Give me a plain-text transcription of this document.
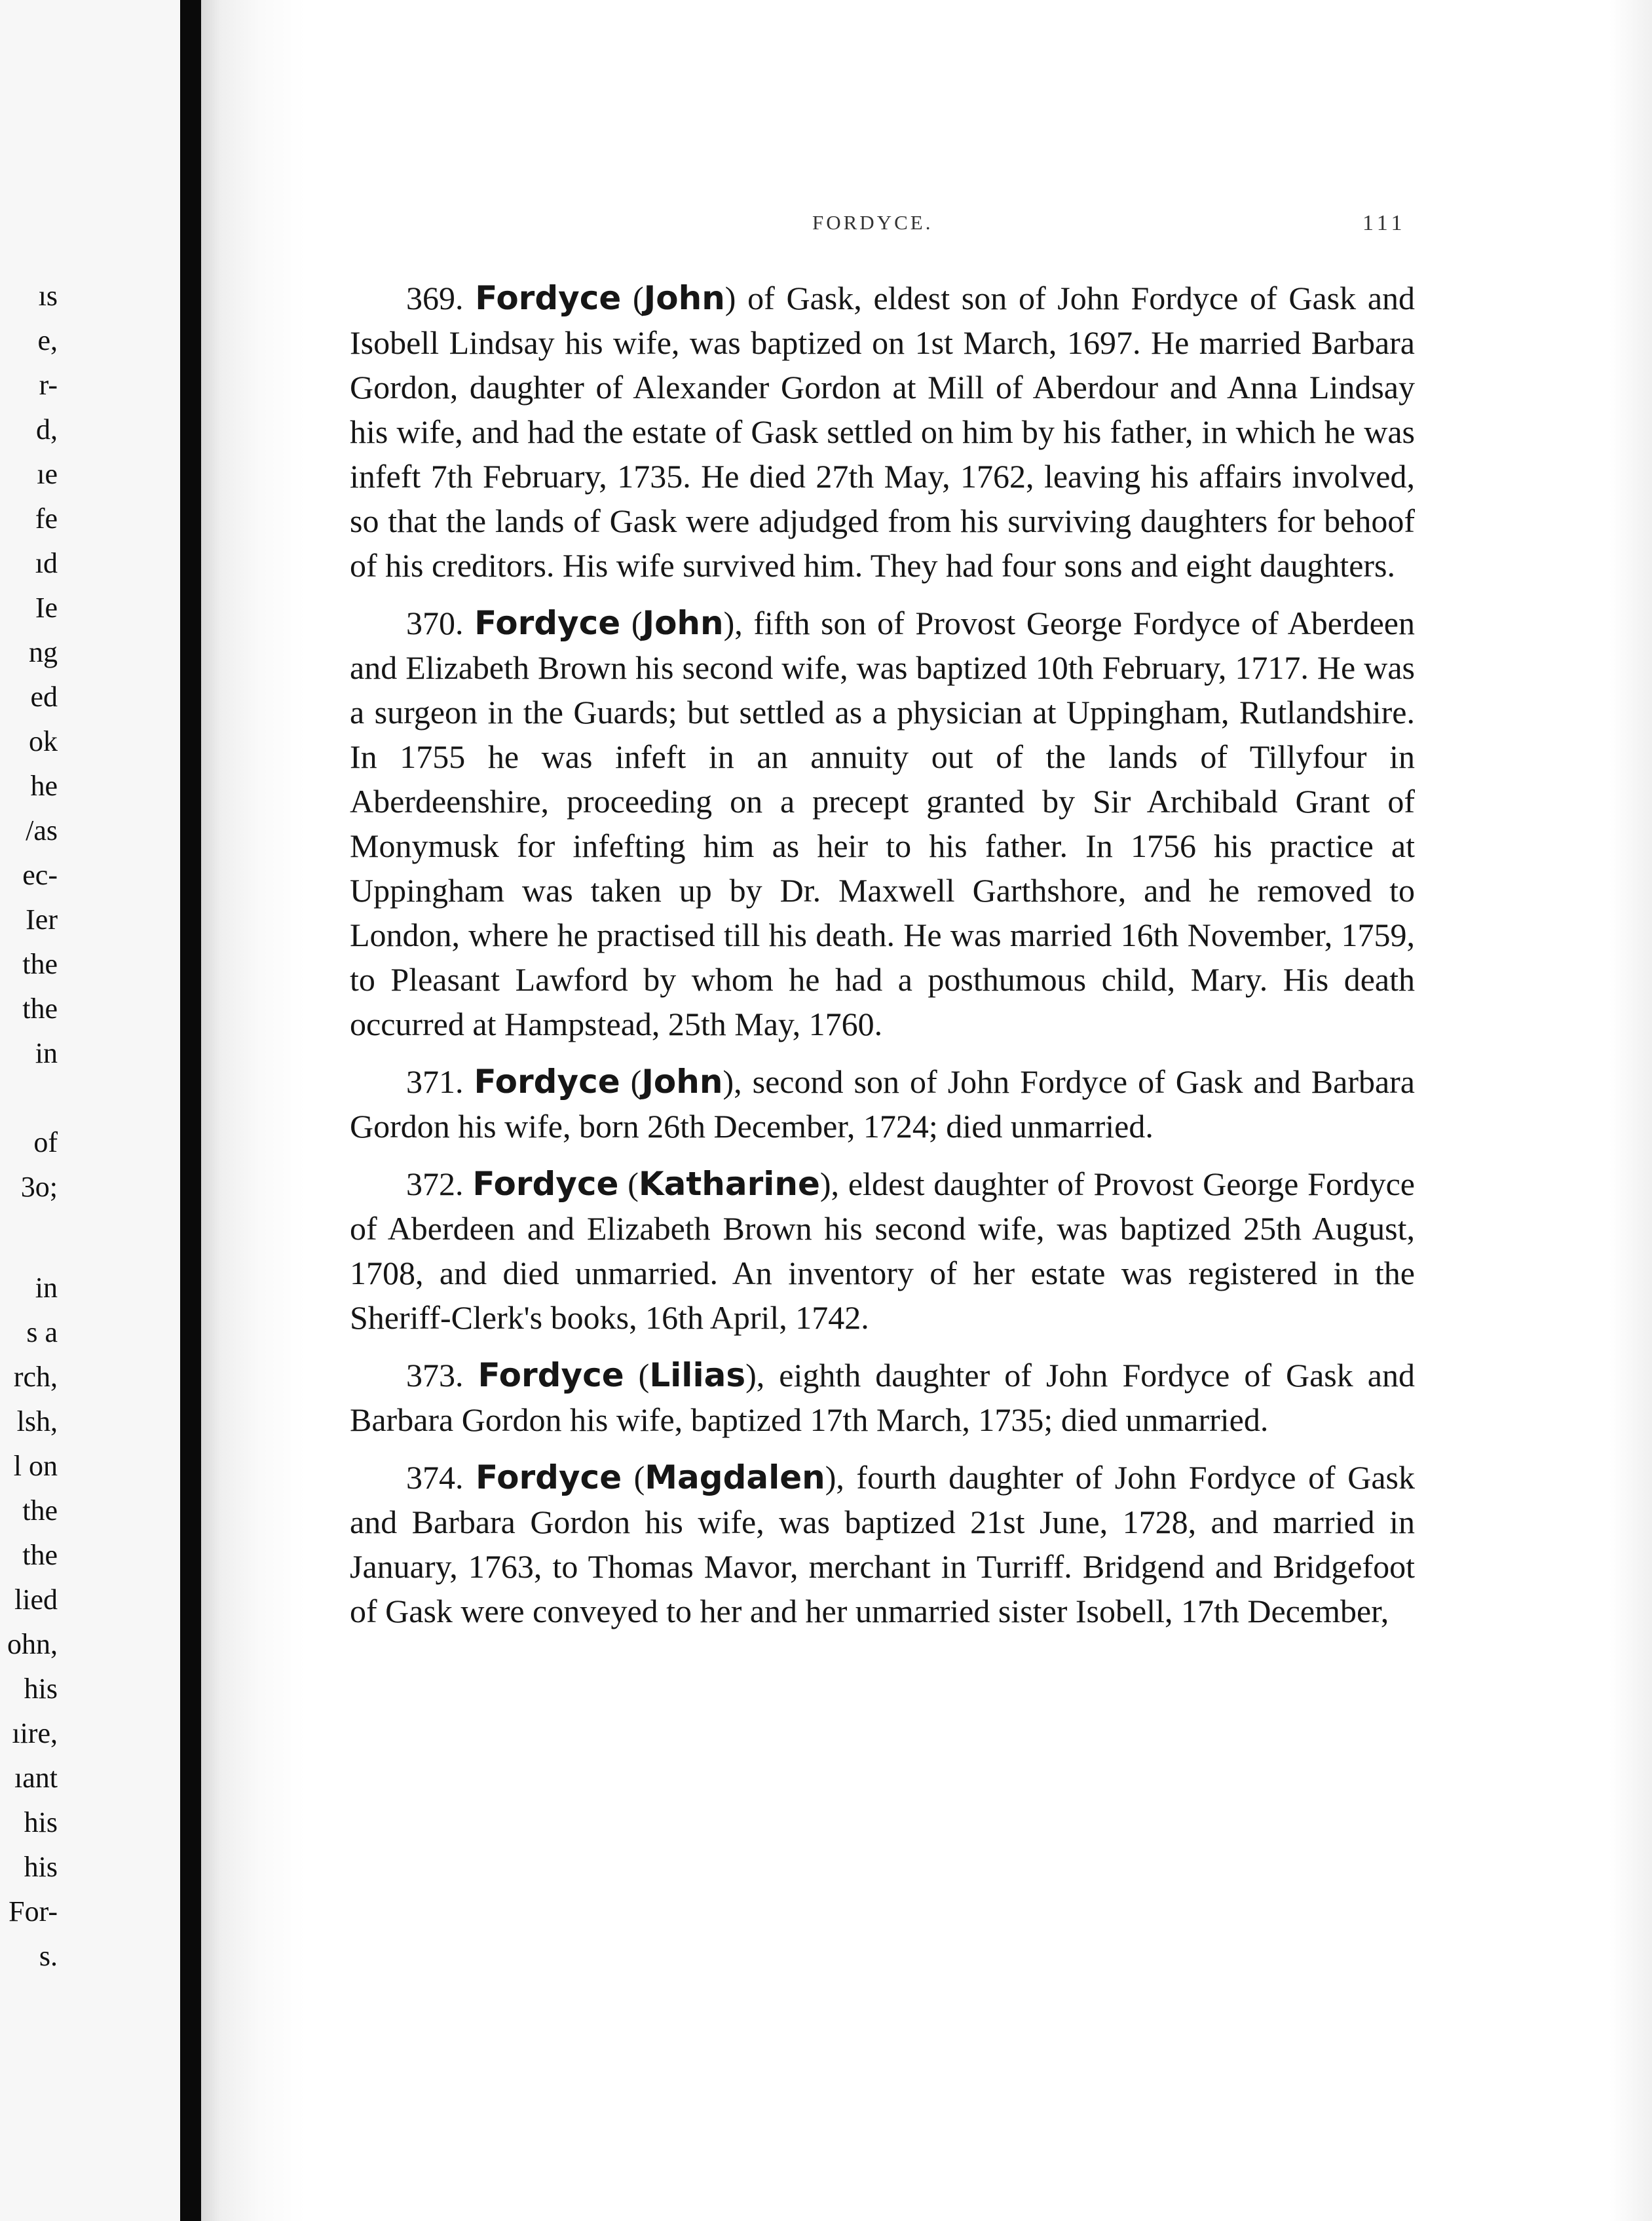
ıs
e,
r-
d,
ıe
fe
ıd
Ie
ng
ed
ok
he
/as
ec-
Ier
the
the
in
of
3o;
in
s a
rch,
lsh,
l on
the
the
lied
ohn,
his
ıire,
ıant
his
his
For-
s.
FORDYCE.	111

369. Fordyce (John) of Gask, eldest son of John Fordyce of Gask and Isobell Lindsay his wife, was baptized on 1st March, 1697. He married Barbara Gordon, daughter of Alexander Gordon at Mill of Aberdour and Anna Lindsay his wife, and had the estate of Gask settled on him by his father, in which he was infeft 7th February, 1735. He died 27th May, 1762, leaving his affairs involved, so that the lands of Gask were adjudged from his surviving daughters for behoof of his creditors. His wife survived him. They had four sons and eight daughters.

370. Fordyce (John), fifth son of Provost George Fordyce of Aberdeen and Elizabeth Brown his second wife, was baptized 10th February, 1717. He was a surgeon in the Guards; but settled as a physician at Uppingham, Rutlandshire. In 1755 he was infeft in an annuity out of the lands of Tillyfour in Aberdeenshire, proceeding on a precept granted by Sir Archibald Grant of Monymusk for infefting him as heir to his father. In 1756 his practice at Uppingham was taken up by Dr. Maxwell Garthshore, and he removed to London, where he practised till his death. He was married 16th November, 1759, to Pleasant Lawford by whom he had a posthumous child, Mary. His death occurred at Hampstead, 25th May, 1760.

371. Fordyce (John), second son of John Fordyce of Gask and Barbara Gordon his wife, born 26th December, 1724; died unmarried.

372. Fordyce (Katharine), eldest daughter of Provost George Fordyce of Aberdeen and Elizabeth Brown his second wife, was baptized 25th August, 1708, and died unmarried. An inventory of her estate was registered in the Sheriff-Clerk's books, 16th April, 1742.

373. Fordyce (Lilias), eighth daughter of John Fordyce of Gask and Barbara Gordon his wife, baptized 17th March, 1735; died unmarried.

374. Fordyce (Magdalen), fourth daughter of John Fordyce of Gask and Barbara Gordon his wife, was baptized 21st June, 1728, and married in January, 1763, to Thomas Mavor, merchant in Turriff. Bridgend and Bridgefoot of Gask were conveyed to her and her unmarried sister Isobell, 17th December,
